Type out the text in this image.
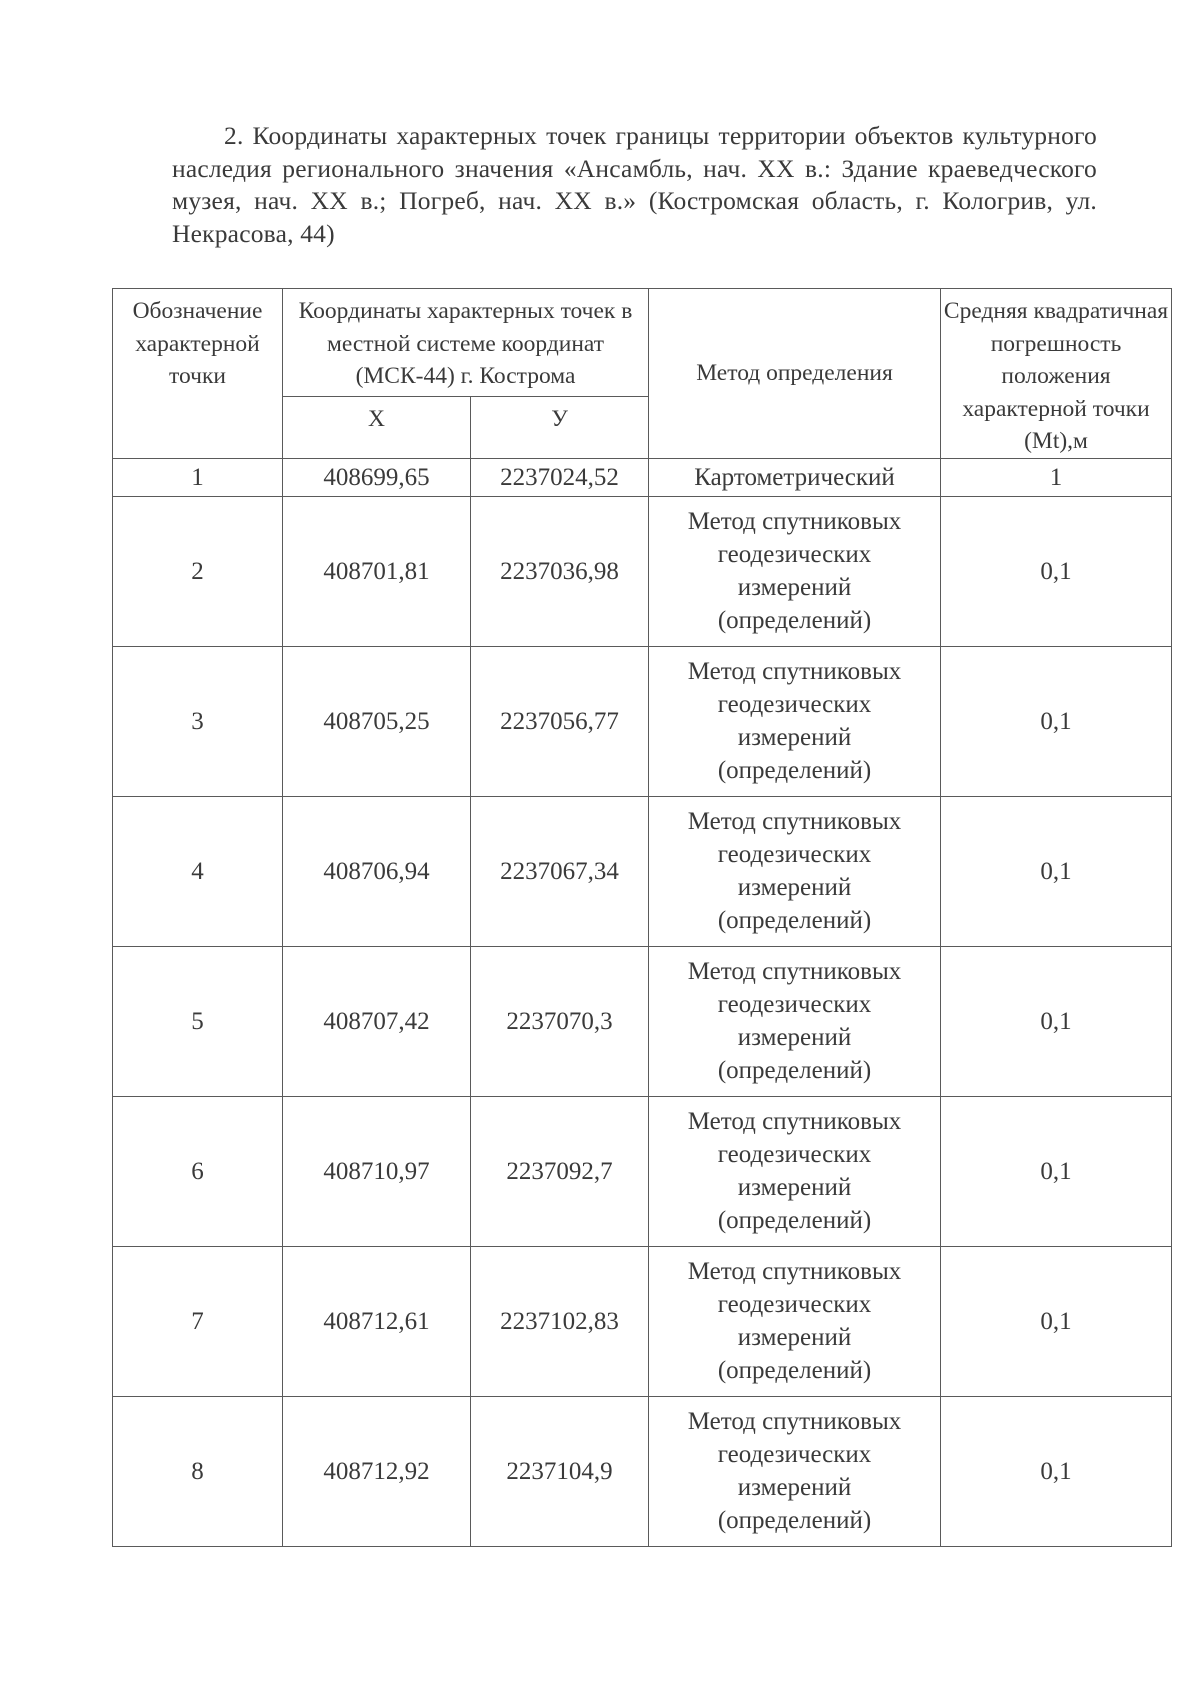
2. Координаты характерных точек границы территории объектов культурного наследия регионального значения «Ансамбль, нач. XX в.: Здание краеведческого музея, нач. XX в.; Погреб, нач. XX в.» (Костромская область, г. Кологрив, ул. Некрасова, 44)

Обозначение характерной точки	Координаты характерных точек в местной системе координат (МСК-44) г. Кострома		Метод определения	Средняя квадратичная погрешность положения характерной точки (Mt),м
	Х	У		
1	408699,65	2237024,52	Картометрический	1
2	408701,81	2237036,98	Метод спутниковых геодезических измерений (определений)	0,1
3	408705,25	2237056,77	Метод спутниковых геодезических измерений (определений)	0,1
4	408706,94	2237067,34	Метод спутниковых геодезических измерений (определений)	0,1
5	408707,42	2237070,3	Метод спутниковых геодезических измерений (определений)	0,1
6	408710,97	2237092,7	Метод спутниковых геодезических измерений (определений)	0,1
7	408712,61	2237102,83	Метод спутниковых геодезических измерений (определений)	0,1
8	408712,92	2237104,9	Метод спутниковых геодезических измерений (определений)	0,1
